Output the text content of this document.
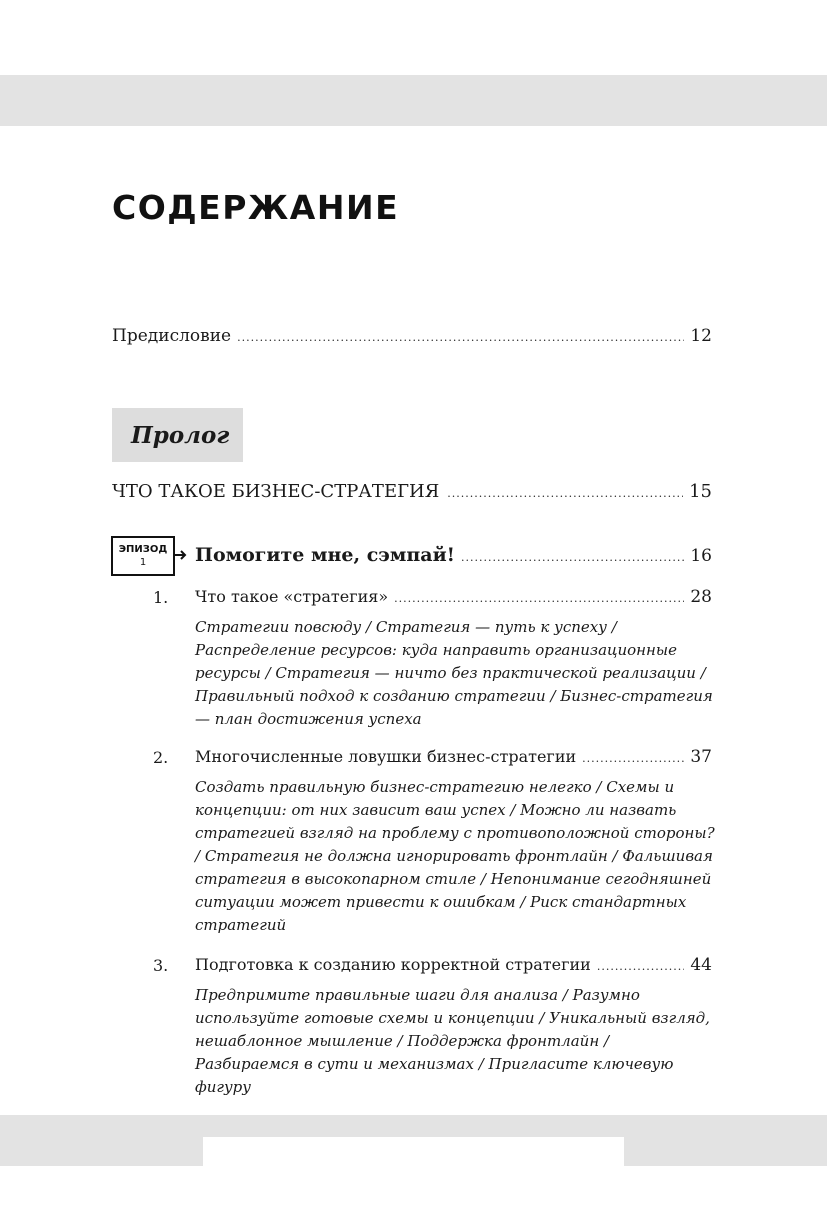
СОДЕРЖАНИЕ
Предисловие .....	12
Пролог
ЧТО ТАКОЕ БИЗНЕС-СТРАТЕГИЯ .....	15
ЭПИЗОД
1	Помогите мне, сэмпай! .....	16
1. Что такое «стратегия» .....	28

Стратегии повсюду / Стратегия — путь к успеху / Распределение ресурсов: куда направить организационные ресурсы / Стратегия — ничто без практической реализации / Правильный подход к созданию стратегии / Бизнес-стратегия — план достижения успеха

2. Многочисленные ловушки бизнес-стратегии .....	37

Создать правильную бизнес-стратегию нелегко / Схемы и концепции: от них зависит ваш успех / Можно ли назвать стратегией взгляд на проблему с противоположной стороны? / Стратегия не должна игнорировать фронтлайн / Фальшивая стратегия в высокопарном стиле / Непонимание сегодняшней ситуации может привести к ошибкам / Риск стандартных стратегий

3. Подготовка к созданию корректной стратегии .....	44

Предпримите правильные шаги для анализа / Разумно используйте готовые схемы и концепции / Уникальный взгляд, нешаблонное мышление / Поддержка фронтлайн / Разбираемся в сути и механизмах / Пригласите ключевую фигуру
